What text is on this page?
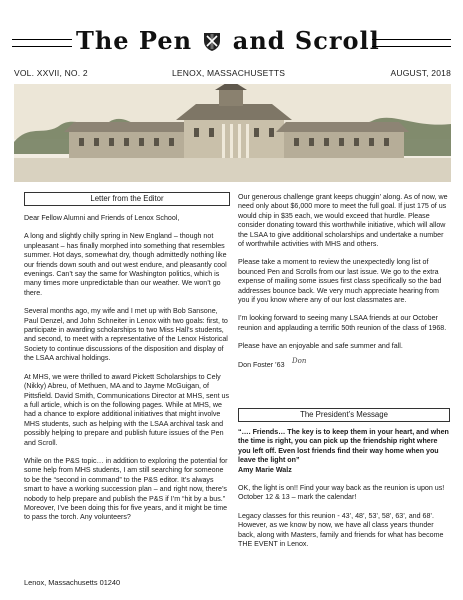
The Pen and Scroll
VOL. XXVII, NO. 2	LENOX, MASSACHUSETTS	AUGUST, 2018
Letter from the Editor

Dear Fellow Alumni and Friends of Lenox School,

A long and slightly chilly spring in New England – though not unpleasant – has finally morphed into something that resembles summer. Hot days, somewhat dry, though admittedly nothing like our friends down south and out west endure, and pleasantly cool evenings. Can’t say the same for Washington politics, which is many times more unpredictable than our weather. We won’t go there.

Several months ago, my wife and I met up with Bob Sansone, Paul Denzel, and John Schneiter in Lenox with two goals: first, to participate in awarding scholarships to two Miss Hall’s students, and second, to meet with a representative of the Lenox Historical Society to continue discussions of the disposition and display of the LSAA archival holdings.

At MHS, we were thrilled to award Pickett Scholarships to Cely (Nikky) Abreu, of Methuen, MA and to Jayme McGuigan, of Pittsfield. David Smith, Communications Director at MHS, sent us a full article, which is on the following pages. While at MHS, we had a chance to explore additional initiatives that might involve MHS students, such as helping with the LSAA archival task and possibly helping to prepare and publish future issues of the Pen and Scroll.

While on the P&S topic… in addition to exploring the potential for some help from MHS students, I am still searching for someone to be the “second in command” to the P&S editor. It’s always smart to have a working succession plan – and right now, there’s nobody to help prepare and publish the P&S if I’m “hit by a bus.” Moreover, I’ve been doing this for five years, and it might be time to pass the torch. Any volunteers?

Lenox, Massachusetts 01240

Our generous challenge grant keeps chuggin’ along. As of now, we need only about $6,000 more to meet the full goal. If just 175 of us would chip in $35 each, we would exceed that hurdle. Please consider donating toward this worthwhile initiative, which will allow the LSAA to give additional scholarships and undertake a number of worthwhile activities with MHS and others.

Please take a moment to review the unexpectedly long list of bounced Pen and Scrolls from our last issue. We go to the extra expense of mailing some issues first class specifically so the bad addresses bounce back. We very much appreciate hearing from you if you know where any of our lost classmates are.

I’m looking forward to seeing many LSAA friends at our October reunion and applauding a terrific 50th reunion of the class of 1968.

Please have an enjoyable and safe summer and fall.

Don Foster ’63 Don

The President’s Message

“…. Friends… The key is to keep them in your heart, and when the time is right, you can pick up the friendship right where you left off. Even lost friends find their way home when you leave the light on”

Amy Marie Walz

OK, the light is on!! Find your way back as the reunion is upon us! October 12 & 13 – mark the calendar!

Legacy classes for this reunion - 43’, 48’, 53’, 58’, 63’, and 68’. However, as we know by now, we have all class years thunder back, along with Masters, family and friends for what has become THE EVENT in Lenox.
